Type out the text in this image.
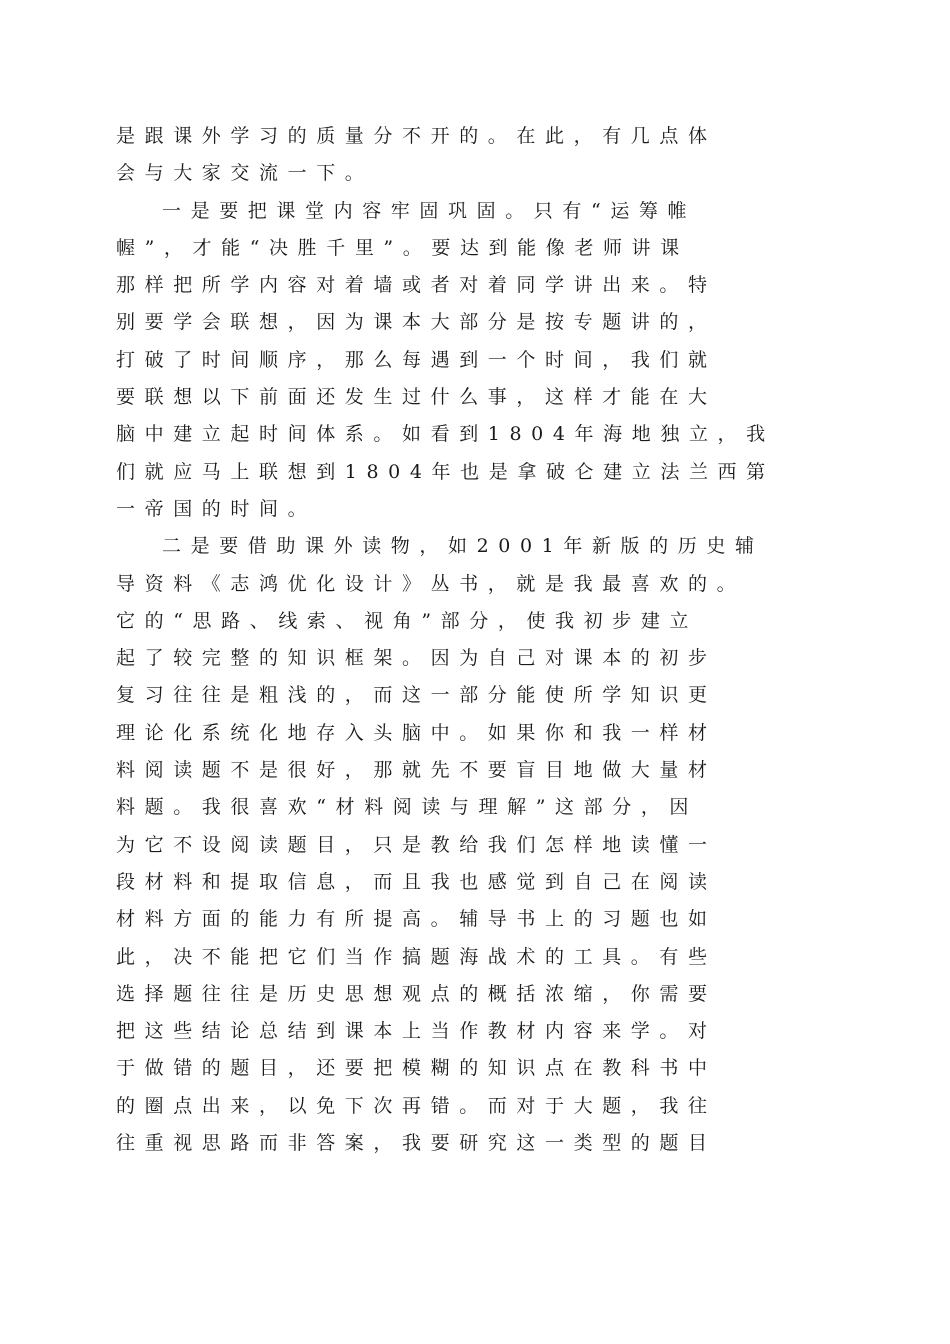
是跟课外学习的质量分不开的。在此，有几点体
会与大家交流一下。
一是要把课堂内容牢固巩固。只有“运筹帷
幄”，才能“决胜千里”。要达到能像老师讲课
那样把所学内容对着墙或者对着同学讲出来。特
别要学会联想，因为课本大部分是按专题讲的，
打破了时间顺序，那么每遇到一个时间，我们就
要联想以下前面还发生过什么事，这样才能在大
脑中建立起时间体系。如看到1804年海地独立，我
们就应马上联想到1804年也是拿破仑建立法兰西第
一帝国的时间。
二是要借助课外读物，如2001年新版的历史辅
导资料《志鸿优化设计》丛书，就是我最喜欢的。
它的“思路、线索、视角”部分，使我初步建立
起了较完整的知识框架。因为自己对课本的初步
复习往往是粗浅的，而这一部分能使所学知识更
理论化系统化地存入头脑中。如果你和我一样材
料阅读题不是很好，那就先不要盲目地做大量材
料题。我很喜欢“材料阅读与理解”这部分，因
为它不设阅读题目，只是教给我们怎样地读懂一
段材料和提取信息，而且我也感觉到自己在阅读
材料方面的能力有所提高。辅导书上的习题也如
此，决不能把它们当作搞题海战术的工具。有些
选择题往往是历史思想观点的概括浓缩，你需要
把这些结论总结到课本上当作教材内容来学。对
于做错的题目，还要把模糊的知识点在教科书中
的圈点出来，以免下次再错。而对于大题，我往
往重视思路而非答案，我要研究这一类型的题目
